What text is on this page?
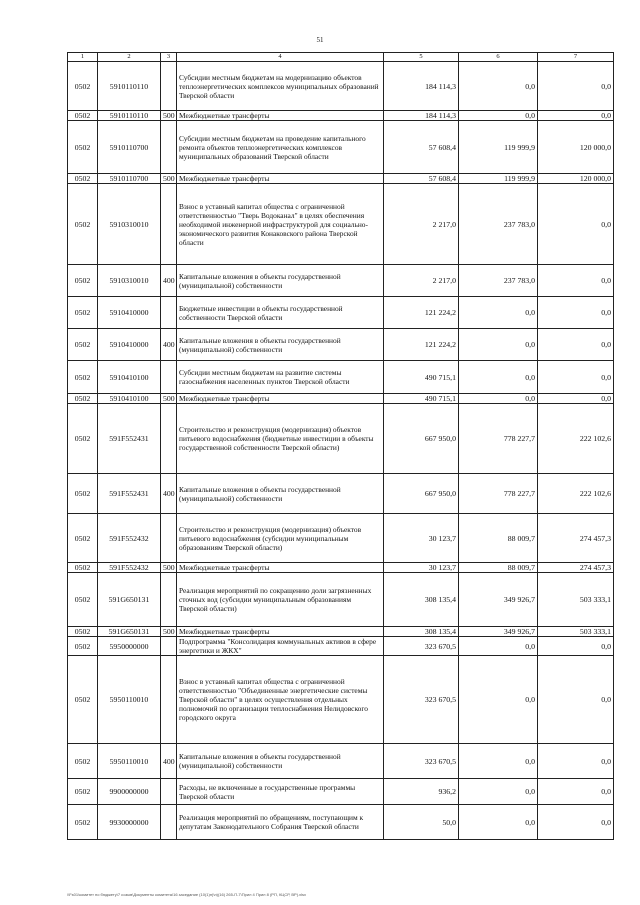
51
1	2	3	4	5	6	7
0502	5910110110		Субсидии местным бюджетам на модернизацию объектов теплоэнергетических комплексов муниципальных образований Тверской области	184 114,3	0,0	0,0
0502	5910110110	500	Межбюджетные трансферты	184 114,3	0,0	0,0
0502	5910110700		Субсидии местным бюджетам на проведение капитального ремонта объектов теплоэнергетических комплексов муниципальных образований Тверской области	57 608,4	119 999,9	120 000,0
0502	5910110700	500	Межбюджетные трансферты	57 608,4	119 999,9	120 000,0
0502	5910310010		Взнос в уставный капитал общества с ограниченной ответственностью "Тверь Водоканал" в целях обеспечения необходимой инженерной инфраструктурой для социально-экономического развития Конаковского района Тверской области	2 217,0	237 783,0	0,0
0502	5910310010	400	Капитальные вложения в объекты государственной (муниципальной) собственности	2 217,0	237 783,0	0,0
0502	5910410000		Бюджетные инвестиции в объекты государственной собственности Тверской области	121 224,2	0,0	0,0
0502	5910410000	400	Капитальные вложения в объекты государственной (муниципальной) собственности	121 224,2	0,0	0,0
0502	5910410100		Субсидии местным бюджетам на развитие системы газоснабжения населенных пунктов Тверской области	490 715,1	0,0	0,0
0502	5910410100	500	Межбюджетные трансферты	490 715,1	0,0	0,0
0502	591F552431		Строительство и реконструкция (модернизация) объектов питьевого водоснабжения (бюджетные инвестиции в объекты государственной собственности Тверской области)	667 950,0	778 227,7	222 102,6
0502	591F552431	400	Капитальные вложения в объекты государственной (муниципальной) собственности	667 950,0	778 227,7	222 102,6
0502	591F552432		Строительство и реконструкция (модернизация) объектов питьевого водоснабжения (субсидии муниципальным образованиям Тверской области)	30 123,7	88 009,7	274 457,3
0502	591F552432	500	Межбюджетные трансферты	30 123,7	88 009,7	274 457,3
0502	591G650131		Реализация мероприятий по сокращению доли загрязненных сточных вод (субсидии муниципальным образованиям Тверской области)	308 135,4	349 926,7	503 333,1
0502	591G650131	500	Межбюджетные трансферты	308 135,4	349 926,7	503 333,1
0502	5950000000		Подпрограмма "Консолидация коммунальных активов в сфере энергетики и ЖКХ"	323 670,5	0,0	0,0
0502	5950110010		Взнос в уставный капитал общества с ограниченной ответственностью "Объединенные энергетические системы Тверской области" в целях осуществления отдельных полномочий по организации теплоснабжения Нелидовского городского округа	323 670,5	0,0	0,0
0502	5950110010	400	Капитальные вложения в объекты государственной (муниципальной) собственности	323 670,5	0,0	0,0
0502	9900000000		Расходы, не включенные в государственные программы Тверской области	936,2	0,0	0,0
0502	9930000000		Реализация мероприятий по обращениям, поступающим к депутатам Законодательного Собрания Тверской области	50,0	0,0	0,0
\\Fs01\комитет по бюджету\7 созыв\Документы комитета\16 заседание (10(1)п)\п)(16) 265-П-7\Прил 4 Прил 8 (РП, КЦСР, ВР).xlsx
